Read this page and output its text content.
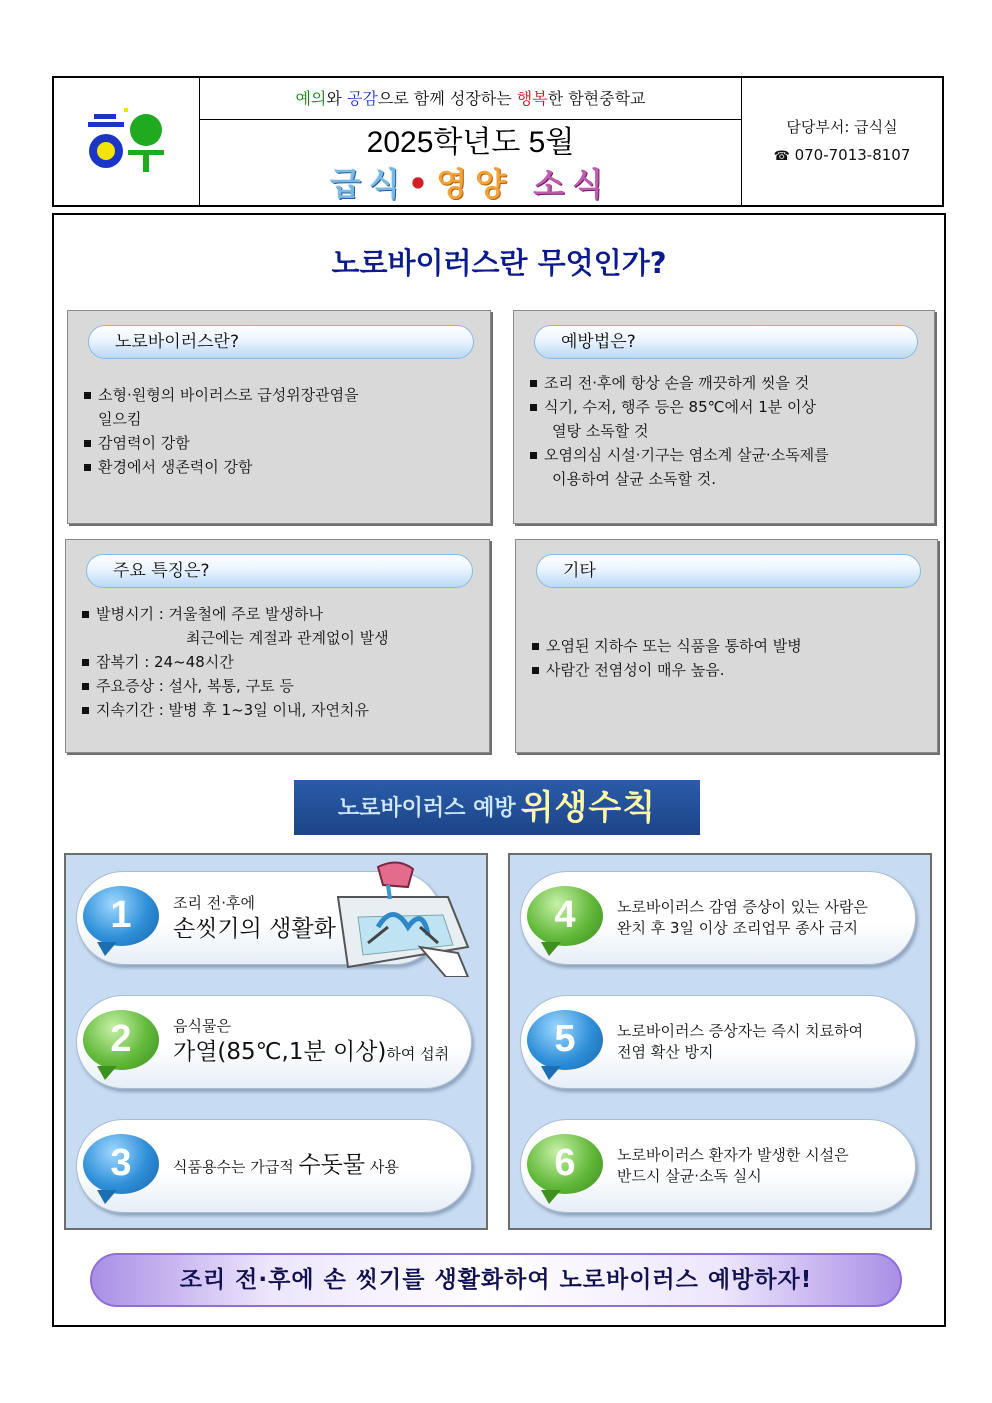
예의와 공감으로 함께 성장하는 행복한 함현중학교
2025학년도 5월
급식•영양 소식
담당부서: 급식실
☎ 070-7013-8107
노로바이러스란 무엇인가?
노로바이러스란?
소형·원형의 바이러스로 급성위장관염을
일으킴
감염력이 강함
환경에서 생존력이 강함
예방법은?
조리 전·후에 항상 손을 깨끗하게 씻을 것
식기, 수저, 행주 등은 85℃에서 1분 이상
열탕 소독할 것
오염의심 시설·기구는 염소계 살균·소독제를
이용하여 살균 소독할 것.
주요 특징은?
발병시기 : 겨울철에 주로 발생하나
최근에는 계절과 관계없이 발생
잠복기 : 24~48시간
주요증상 : 설사, 복통, 구토 등
지속기간 : 발병 후 1~3일 이내, 자연치유
기타
오염된 지하수 또는 식품을 통하여 발병
사람간 전염성이 매우 높음.
노로바이러스 예방 위생수칙
1	조리 전·후에
손씻기의 생활화
2	음식물은
가열(85℃,1분 이상)하여 섭취
3	식품용수는 가급적 수돗물 사용
4	노로바이러스 감염 증상이 있는 사람은
완치 후 3일 이상 조리업무 종사 금지
5	노로바이러스 증상자는 즉시 치료하여
전염 확산 방지
6	노로바이러스 환자가 발생한 시설은
반드시 살균·소독 실시
조리 전·후에 손 씻기를 생활화하여 노로바이러스 예방하자!
